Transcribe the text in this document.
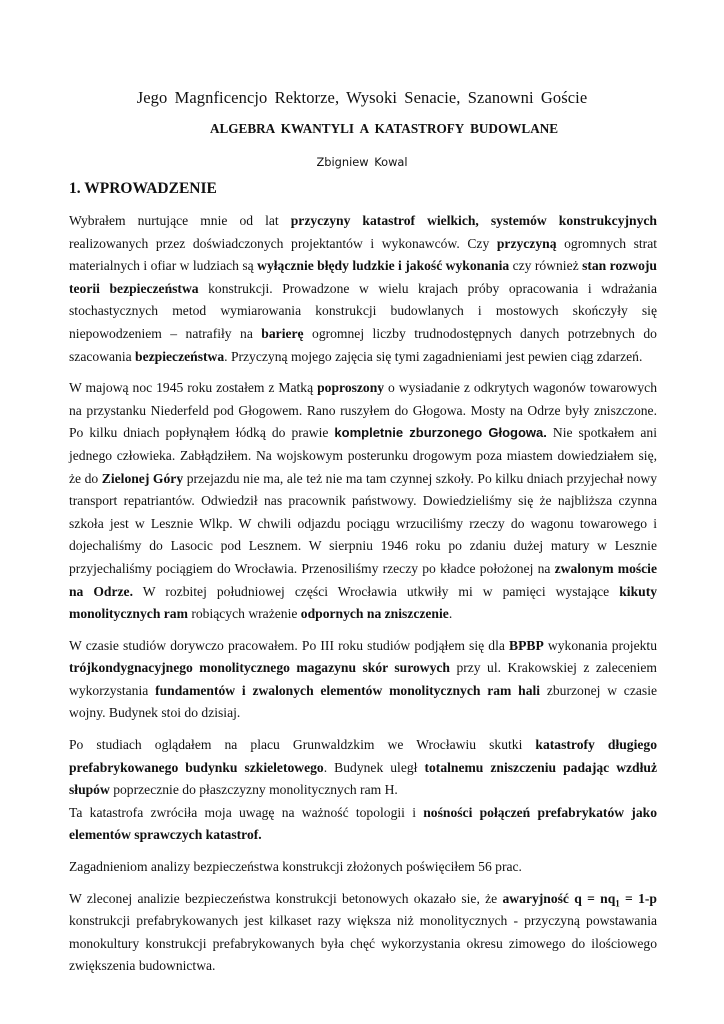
Jego Magnficencjo Rektorze, Wysoki Senacie, Szanowni Goście
ALGEBRA KWANTYLI A KATASTROFY BUDOWLANE
Zbigniew Kowal
1. WPROWADZENIE

Wybrałem nurtujące mnie od lat przyczyny katastrof wielkich, systemów konstrukcyjnych realizowanych przez doświadczonych projektantów i wykonawców. Czy przyczyną ogromnych strat materialnych i ofiar w ludziach są wyłącznie błędy ludzkie i jakość wykonania czy również stan rozwoju teorii bezpieczeństwa konstrukcji. Prowadzone w wielu krajach próby opracowania i wdrażania stochastycznych metod wymiarowania konstrukcji budowlanych i mostowych skończyły się niepowodzeniem – natrafiły na barierę ogromnej liczby trudnodostępnych danych potrzebnych do szacowania bezpieczeństwa. Przyczyną mojego zajęcia się tymi zagadnieniami jest pewien ciąg zdarzeń.

W majową noc 1945 roku zostałem z Matką poproszony o wysiadanie z odkrytych wagonów towarowych na przystanku Niederfeld pod Głogowem. Rano ruszyłem do Głogowa. Mosty na Odrze były zniszczone. Po kilku dniach popłynąłem łódką do prawie kompletnie zburzonego Głogowa. Nie spotkałem ani jednego człowieka. Zabłądziłem. Na wojskowym posterunku drogowym poza miastem dowiedziałem się, że do Zielonej Góry przejazdu nie ma, ale też nie ma tam czynnej szkoły. Po kilku dniach przyjechał nowy transport repatriantów. Odwiedził nas pracownik państwowy. Dowiedzieliśmy się że najbliższa czynna szkoła jest w Lesznie Wlkp. W chwili odjazdu pociągu wrzuciliśmy rzeczy do wagonu towarowego i dojechaliśmy do Lasocic pod Lesznem. W sierpniu 1946 roku po zdaniu dużej matury w Lesznie przyjechaliśmy pociągiem do Wrocławia. Przenosiliśmy rzeczy po kładce położonej na zwalonym moście na Odrze. W rozbitej południowej części Wrocławia utkwiły mi w pamięci wystające kikuty monolitycznych ram robiących wrażenie odpornych na zniszczenie.

W czasie studiów dorywczo pracowałem. Po III roku studiów podjąłem się dla BPBP wykonania projektu trójkondygnacyjnego monolitycznego magazynu skór surowych przy ul. Krakowskiej z zaleceniem wykorzystania fundamentów i zwalonych elementów monolitycznych ram hali zburzonej w czasie wojny. Budynek stoi do dzisiaj.

Po studiach oglądałem na placu Grunwaldzkim we Wrocławiu skutki katastrofy długiego prefabrykowanego budynku szkieletowego. Budynek uległ totalnemu zniszczeniu padając wzdłuż słupów poprzecznie do płaszczyzny monolitycznych ram H.

Ta katastrofa zwróciła moja uwagę na ważność topologii i nośności połączeń prefabrykatów jako elementów sprawczych katastrof.

Zagadnieniom analizy bezpieczeństwa konstrukcji złożonych poświęciłem 56 prac.

W zleconej analizie bezpieczeństwa konstrukcji betonowych okazało sie, że awaryjność $q = nq_1 = 1-p$ konstrukcji prefabrykowanych jest kilkaset razy większa niż monolitycznych - przyczyną powstawania monokultury konstrukcji prefabrykowanych była chęć wykorzystania okresu zimowego do ilościowego zwiększenia budownictwa.
